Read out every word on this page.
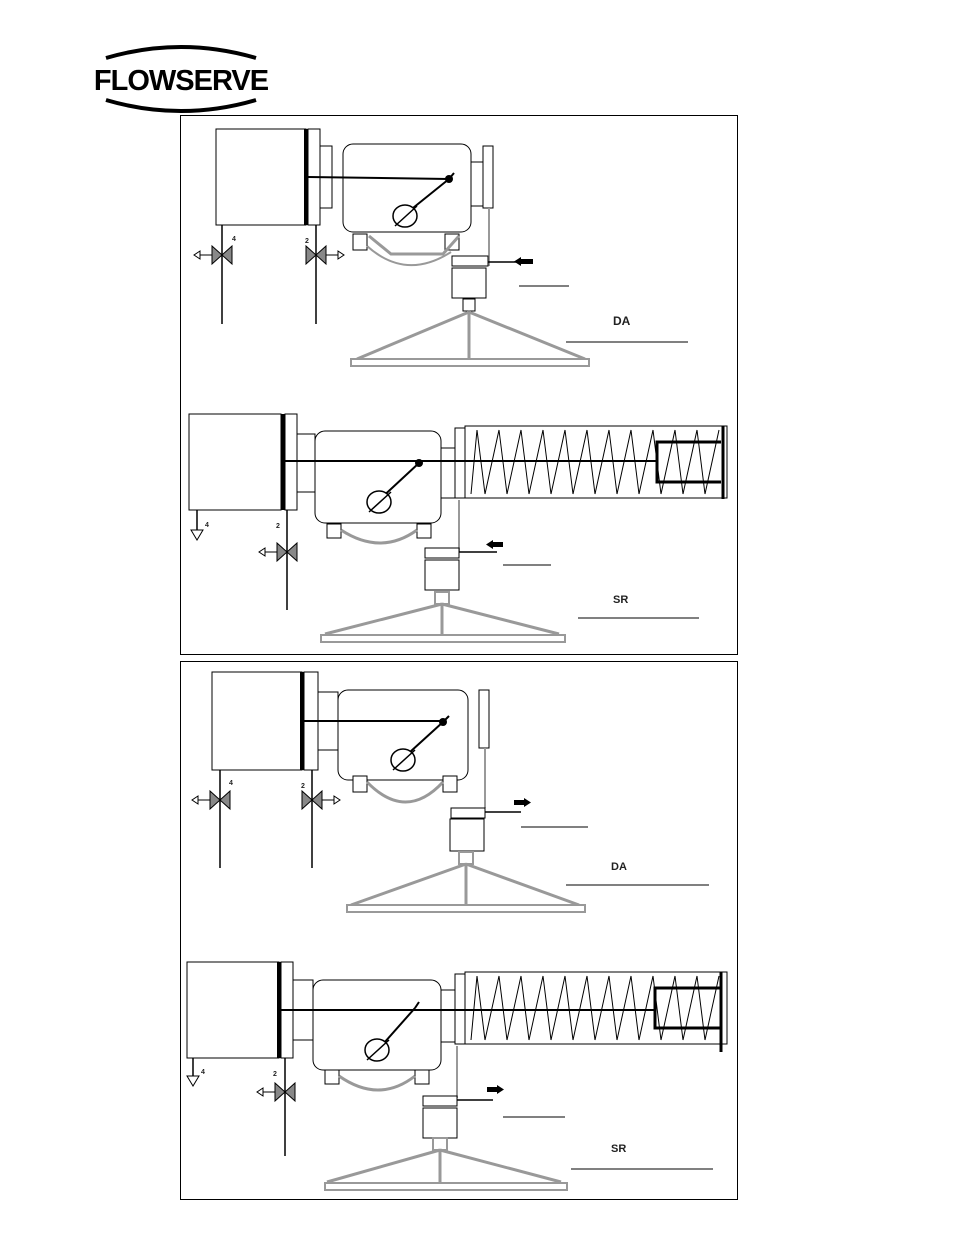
FLOWSERVE
4	2
DA
4	2
SR
4	2
DA
4	2
SR
